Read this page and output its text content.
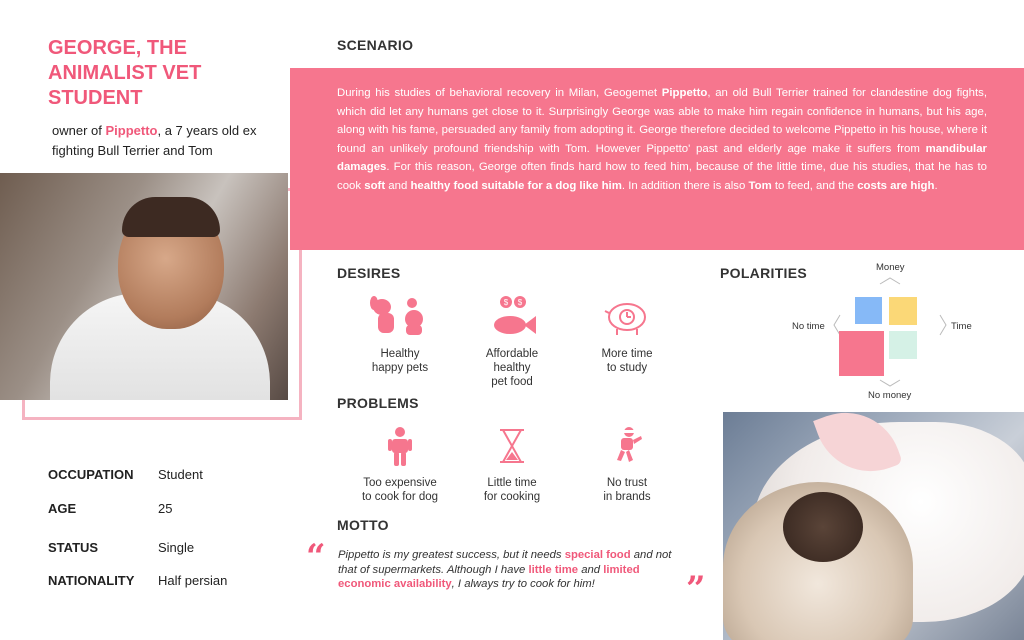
GEORGE, THE ANIMALIST VET STUDENT
owner of Pippetto, a 7 years old ex fighting Bull Terrier and Tom
OCCUPATION Student
AGE	25
STATUS	Single
NATIONALITY Half persian
SCENARIO
During his studies of behavioral recovery in Milan, Geogemet Pippetto, an old Bull Terrier trained for clandestine dog fights, which did let any humans get close to it. Surprisingly George was able to make him regain confidence in humans, but his age, along with his fame, persuaded any family from adopting it. George therefore decided to welcome Pippetto in his house, where it found an unlikely profound friendship with Tom. However Pippetto' past and elderly age make it suffers from mandibular damages. For this reason, George often finds hard how to feed him, because of the little time, due his studies, that he has to cook soft and healthy food suitable for a dog like him. In addition there is also Tom to feed, and the costs are high.
DESIRES
Healthy
happy pets
$ $
Affordable
healthy
pet food
More time
to study
PROBLEMS
Too expensive
to cook for dog
Little time
for cooking
No trust
in brands
MOTTO
“ Pippetto is my greatest success, but it needs special food and not that of supermarkets. Although I have little time and limited economic availability, I always try to cook for him!	”
POLARITIES	Money
No time	Time
No money
